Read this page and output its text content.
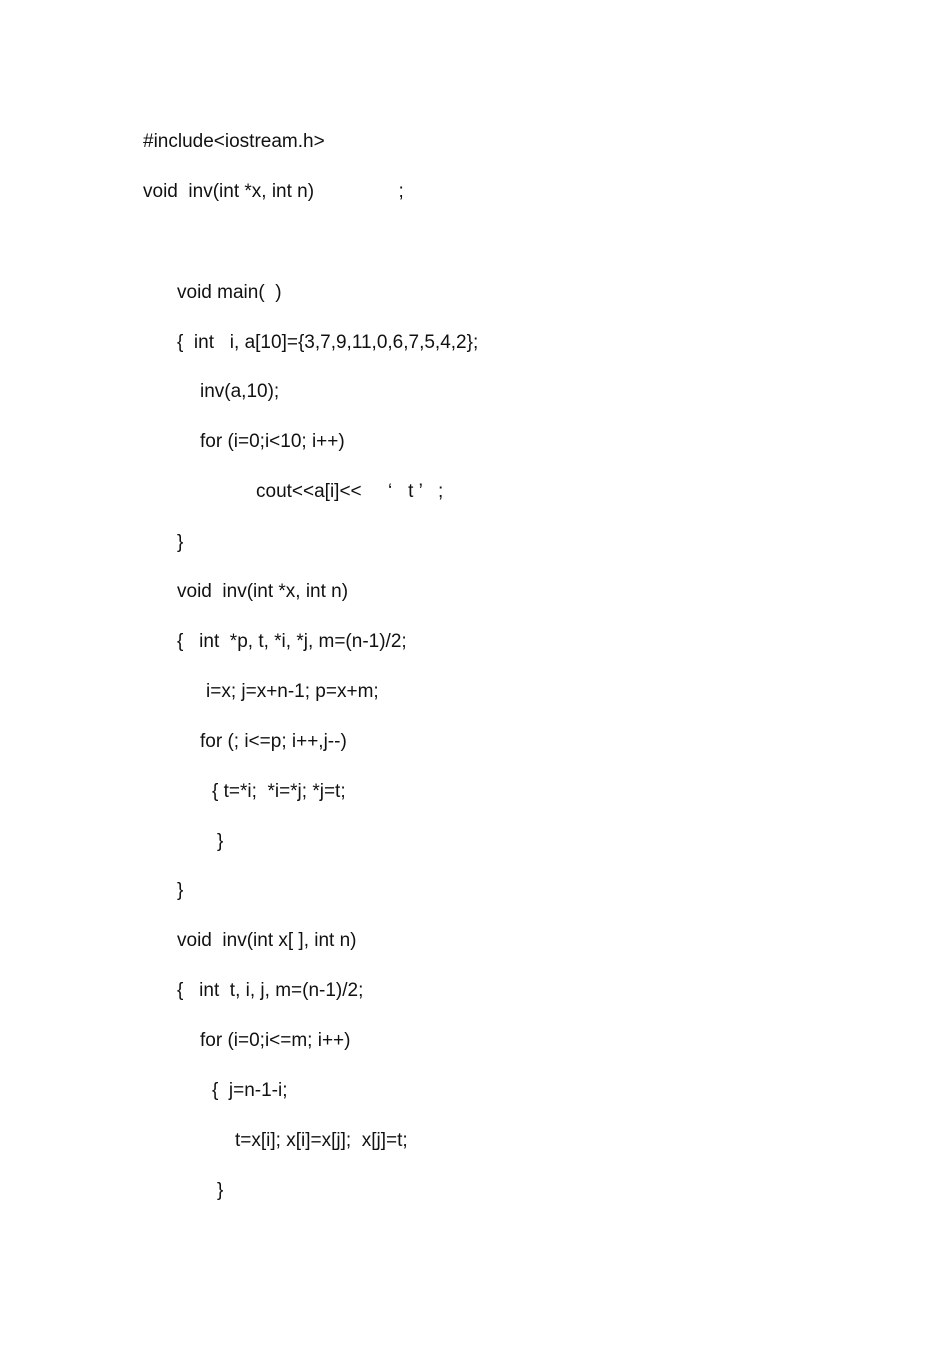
#include<iostream.h>

void  inv(int *x, int n)                ;

void main(  )

{  int   i, a[10]={3,7,9,11,0,6,7,5,4,2};

inv(a,10);

for (i=0;i<10; i++)

cout<<a[i]<<     ‘   t ’   ;

}

void  inv(int *x, int n)

{   int  *p, t, *i, *j, m=(n-1)/2;

i=x; j=x+n-1; p=x+m;

for (; i<=p; i++,j--)

{ t=*i;  *i=*j; *j=t;

}

}

void  inv(int x[ ], int n)

{   int  t, i, j, m=(n-1)/2;

for (i=0;i<=m; i++)

{  j=n-1-i;

t=x[i]; x[i]=x[j];  x[j]=t;

}
